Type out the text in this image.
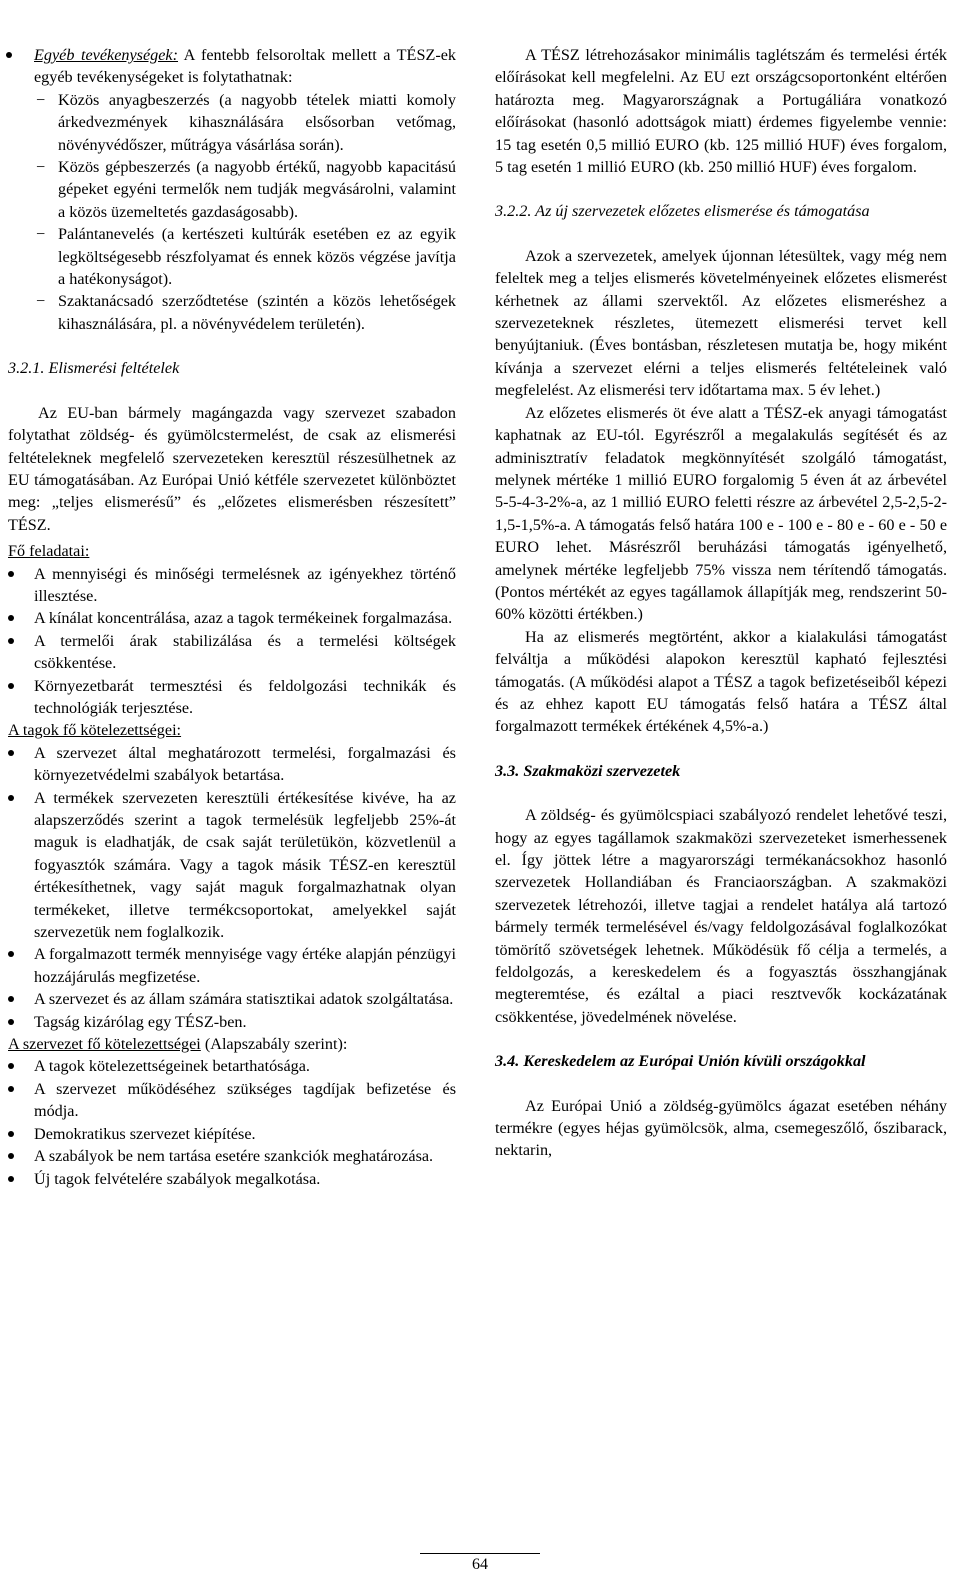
Egyéb tevékenységek: A fentebb felsoroltak mellett a TÉSZ-ek egyéb tevékenységeket is folytathatnak:
− Közös anyagbeszerzés (a nagyobb tételek miatti komoly árkedvezmények kihasználására elsősorban vetőmag, növényvédőszer, műtrágya vásárlása során).
− Közös gépbeszerzés (a nagyobb értékű, nagyobb kapacitású gépeket egyéni termelők nem tudják megvásárolni, valamint a közös üzemeltetés gazdaságosabb).
− Palántanevelés (a kertészeti kultúrák esetében ez az egyik legköltségesebb részfolyamat és ennek közös végzése javítja a hatékonyságot).
− Szaktanácsadó szerződtetése (szintén a közös lehetőségek kihasználására, pl. a növényvédelem területén).

3.2.1. Elismerési feltételek

Az EU-ban bármely magángazda vagy szervezet szabadon folytathat zöldség- és gyümölcstermelést, de csak az elismerési feltételeknek megfelelő szervezeteken keresztül részesülhetnek az EU támogatásában. Az Európai Unió kétféle szervezetet különböztet meg: „teljes elismerésű” és „előzetes elismerésben részesített” TÉSZ.

Fő feladatai:

A mennyiségi és minőségi termelésnek az igényekhez történő illesztése.
A kínálat koncentrálása, azaz a tagok termékeinek forgalmazása.
A termelői árak stabilizálása és a termelési költségek csökkentése.
Környezetbarát termesztési és feldolgozási technikák és technológiák terjesztése.

A tagok fő kötelezettségei:

A szervezet által meghatározott termelési, forgalmazási és környezetvédelmi szabályok betartása.
A termékek szervezeten keresztüli értékesítése kivéve, ha az alapszerződés szerint a tagok termelésük legfeljebb 25%-át maguk is eladhatják, de csak saját területükön, közvetlenül a fogyasztók számára. Vagy a tagok másik TÉSZ-en keresztül értékesíthetnek, vagy saját maguk forgalmazhatnak olyan termékeket, illetve termékcsoportokat, amelyekkel saját szervezetük nem foglalkozik.
A forgalmazott termék mennyisége vagy értéke alapján pénzügyi hozzájárulás megfizetése.
A szervezet és az állam számára statisztikai adatok szolgáltatása.
Tagság kizárólag egy TÉSZ-ben.

A szervezet fő kötelezettségei (Alapszabály szerint):

A tagok kötelezettségeinek betarthatósága.
A szervezet működéséhez szükséges tagdíjak befizetése és módja.
Demokratikus szervezet kiépítése.
A szabályok be nem tartása esetére szankciók meghatározása.
Új tagok felvételére szabályok megalkotása.

A TÉSZ létrehozásakor minimális taglétszám és termelési érték előírásokat kell megfelelni. Az EU ezt országcsoportonként eltérően határozta meg. Magyarországnak a Portugáliára vonatkozó előírásokat (hasonló adottságok miatt) érdemes figyelembe vennie: 15 tag esetén 0,5 millió EURO (kb. 125 millió HUF) éves forgalom, 5 tag esetén 1 millió EURO (kb. 250 millió HUF) éves forgalom.

3.2.2. Az új szervezetek előzetes elismerése és támogatása

Azok a szervezetek, amelyek újonnan létesültek, vagy még nem feleltek meg a teljes elismerés követelményeinek előzetes elismerést kérhetnek az állami szervektől. Az előzetes elismeréshez a szervezeteknek részletes, ütemezett elismerési tervet kell benyújtaniuk. (Éves bontásban, részletesen mutatja be, hogy miként kívánja a szervezet elérni a teljes elismerés feltételeinek való megfelelést. Az elismerési terv időtartama max. 5 év lehet.)

Az előzetes elismerés öt éve alatt a TÉSZ-ek anyagi támogatást kaphatnak az EU-tól. Egyrészről a megalakulás segítését és az adminisztratív feladatok megkönnyítését szolgáló támogatást, melynek mértéke 1 millió EURO forgalomig 5 éven át az árbevétel 5-5-4-3-2%-a, az 1 millió EURO feletti részre az árbevétel 2,5-2,5-2-1,5-1,5%-a. A támogatás felső határa 100 e - 100 e - 80 e - 60 e - 50 e EURO lehet. Másrészről beruházási támogatás igényelhető, amelynek mértéke legfeljebb 75% vissza nem térítendő támogatás. (Pontos mértékét az egyes tagállamok állapítják meg, rendszerint 50-60% közötti értékben.)

Ha az elismerés megtörtént, akkor a kialakulási támogatást felváltja a működési alapokon keresztül kapható fejlesztési támogatás. (A működési alapot a TÉSZ a tagok befizetéseiből képezi és az ehhez kapott EU támogatás felső határa a TÉSZ által forgalmazott termékek értékének 4,5%-a.)

3.3. Szakmaközi szervezetek

A zöldség- és gyümölcspiaci szabályozó rendelet lehetővé teszi, hogy az egyes tagállamok szakmaközi szervezeteket ismerhessenek el. Így jöttek létre a magyarországi termékanácsokhoz hasonló szervezetek Hollandiában és Franciaországban. A szakmaközi szervezetek létrehozói, illetve tagjai a rendelet hatálya alá tartozó bármely termék termelésével és/vagy feldolgozásával foglalkozókat tömörítő szövetségek lehetnek. Működésük fő célja a termelés, a feldolgozás, a kereskedelem és a fogyasztás összhangjának megteremtése, és ezáltal a piaci resztvevők kockázatának csökkentése, jövedelmének növelése.

3.4. Kereskedelem az Európai Unión kívüli országokkal

Az Európai Unió a zöldség-gyümölcs ágazat esetében néhány termékre (egyes héjas gyümölcsök, alma, csemegeszőlő, őszibarack, nektarin,

64
